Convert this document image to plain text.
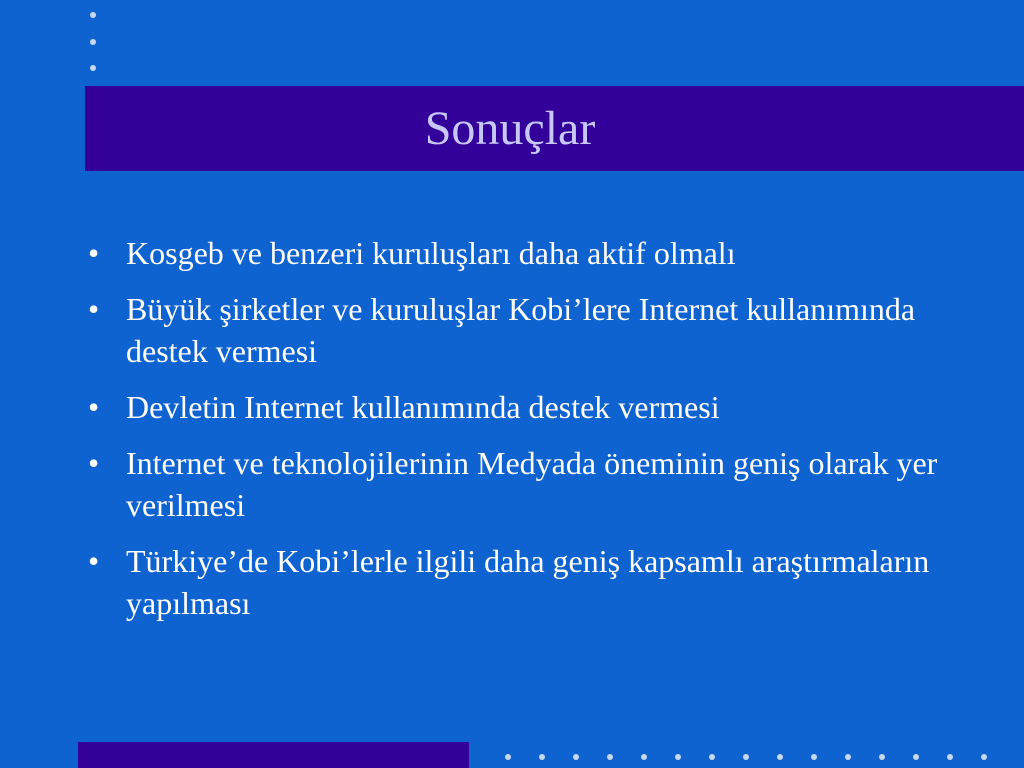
Sonuçlar
• Kosgeb ve benzeri kuruluşları daha aktif olmalı
• Büyük şirketler ve kuruluşlar Kobi’lere Internet kullanımında destek vermesi
• Devletin Internet kullanımında destek vermesi
• Internet ve teknolojilerinin Medyada öneminin geniş olarak yer verilmesi
• Türkiye’de Kobi’lerle ilgili daha geniş kapsamlı araştırmaların yapılması
